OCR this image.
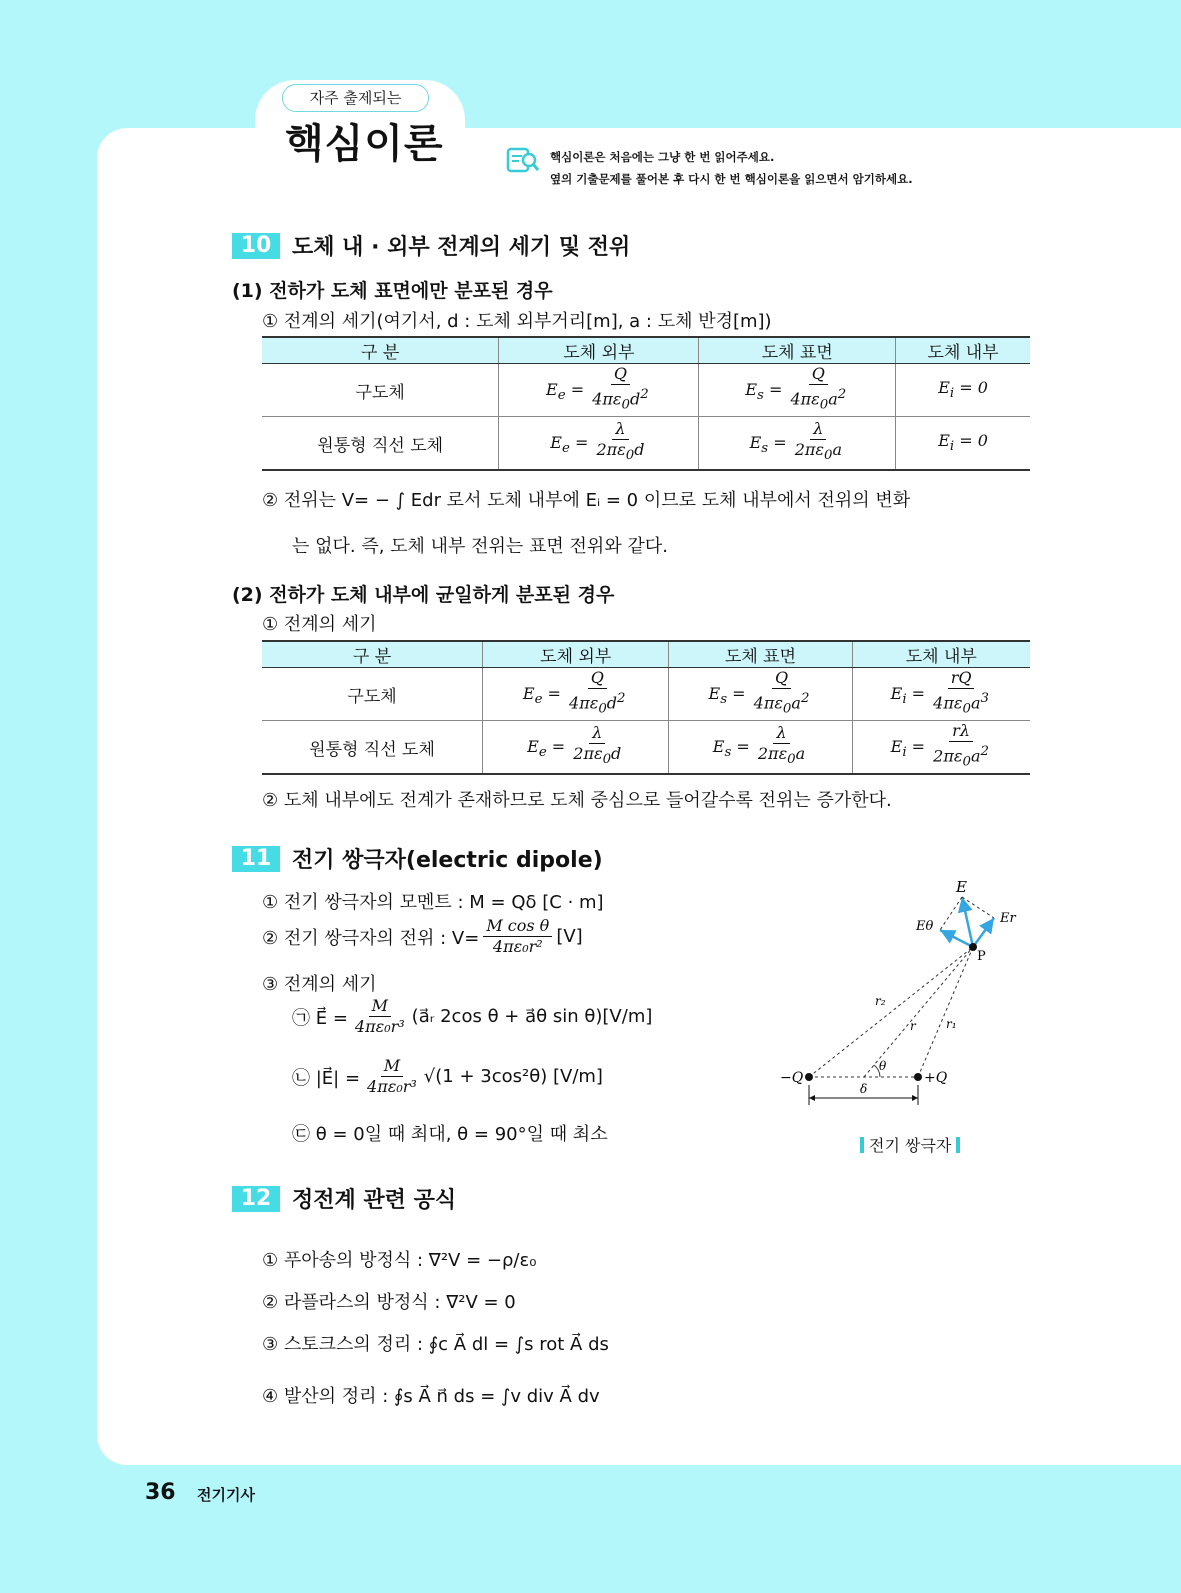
자주 출제되는
핵심이론	핵심이론은 처음에는 그냥 한 번 읽어주세요.
옆의 기출문제를 풀어본 후 다시 한 번 핵심이론을 읽으면서 암기하세요.
10 도체 내 · 외부 전계의 세기 및 전위
(1) 전하가 도체 표면에만 분포된 경우
① 전계의 세기(여기서, d : 도체 외부거리[m], a : 도체 반경[m])
구 분	도체 외부	도체 표면	도체 내부
구도체	$E_e = \frac{Q}{4\pi\varepsilon_0d^2}$	$E_s = \frac{Q}{4\pi\varepsilon_0a^2}$	$E_i = 0$
원통형 직선 도체	$E_e = \frac{\lambda}{2\pi\varepsilon_0d}$	$E_s = \frac{\lambda}{2\pi\varepsilon_0a}$	$E_i = 0$
② 전위는 V= − ∫ Edr 로서 도체 내부에 Eᵢ = 0 이므로 도체 내부에서 전위의 변화
는 없다. 즉, 도체 내부 전위는 표면 전위와 같다.
(2) 전하가 도체 내부에 균일하게 분포된 경우
① 전계의 세기
구 분	도체 외부	도체 표면	도체 내부
구도체	$E_e = \frac{Q}{4\pi\varepsilon_0d^2}$	$E_s = \frac{Q}{4\pi\varepsilon_0a^2}$	$E_i = \frac{rQ}{4\pi\varepsilon_0a^3}$

원통형 직선 도체	$E_e = \frac{\lambda}{2\pi\varepsilon_0d}$	$E_s = \frac{\lambda}{2\pi\varepsilon_0a}$	$E_i = \frac{r\lambda}{2\pi\varepsilon_0a^2}$
② 도체 내부에도 전계가 존재하므로 도체 중심으로 들어갈수록 전위는 증가한다.
11 전기 쌍극자(electric dipole)
① 전기 쌍극자의 모멘트 : M = Qδ [C · m]
② 전기 쌍극자의 전위 : $V= \frac{\text{M cos θ}}{\text{4πε₀r²}} [V]$
③ 전계의 세기
㉠ E⃗ = $\frac{M}{\text{4πε₀r³}}$ (a⃗ᵣ 2cos θ + a⃗θ sin θ)[V/m]
㉡ |E⃗| = $\frac{M}{\text{4πε₀r³}} √(1 + 3\cos^2\theta)$ [V/m]
㉢ θ = 0일 때 최대, θ = 90°일 때 최소
E
Er
Eθ
P
r₂
r₁
r
θ
δ
−Q	+Q
전기 쌍극자
12 정전계 관련 공식
① 푸아송의 방정식 : ∇²V = −ρ/ε₀
② 라플라스의 방정식 : ∇²V = 0
③ 스토크스의 정리 : ∮c A⃗ dl = ∫s rot A⃗ ds
④ 발산의 정리 : ∮s A⃗ n⃗ ds = ∫v div A⃗ dv
36 전기기사
